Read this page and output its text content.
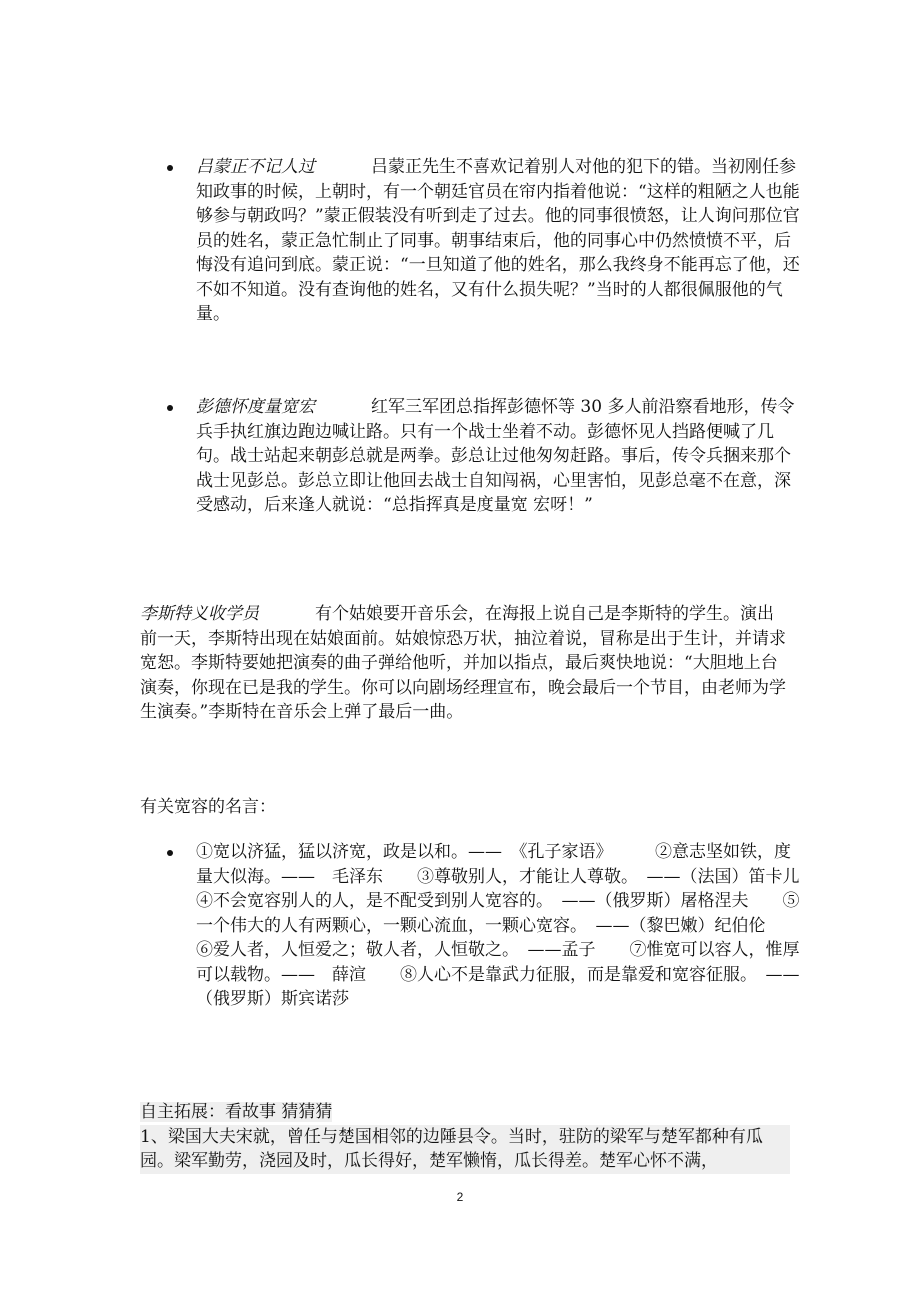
吕蒙正不记人过	吕蒙正先生不喜欢记着别人对他的犯下的错。当初刚任参知政事的时候，上朝时，有一个朝廷官员在帘内指着他说：“这样的粗陋之人也能够参与朝政吗？”蒙正假装没有听到走了过去。他的同事很愤怒，让人询问那位官员的姓名，蒙正急忙制止了同事。朝事结束后，他的同事心中仍然愤愤不平，后悔没有追问到底。蒙正说：“一旦知道了他的姓名，那么我终身不能再忘了他，还不如不知道。没有查询他的姓名，又有什么损失呢？”当时的人都很佩服他的气量。
彭德怀度量宽宏	红军三军团总指挥彭德怀等 30 多人前沿察看地形，传令兵手执红旗边跑边喊让路。只有一个战士坐着不动。彭德怀见人挡路便喊了几句。战士站起来朝彭总就是两拳。彭总让过他匆匆赶路。事后，传令兵捆来那个战士见彭总。彭总立即让他回去战士自知闯祸，心里害怕，见彭总毫不在意，深受感动，后来逢人就说：“总指挥真是度量宽 宏呀！”
李斯特义收学员	有个姑娘要开音乐会，在海报上说自己是李斯特的学生。演出前一天，李斯特出现在姑娘面前。姑娘惊恐万状，抽泣着说，冒称是出于生计，并请求宽恕。李斯特要她把演奏的曲子弹给他听，并加以指点，最后爽快地说：“大胆地上台演奏，你现在已是我的学生。你可以向剧场经理宣布，晚会最后一个节目，由老师为学生演奏。”李斯特在音乐会上弹了最后一曲。
有关宽容的名言：
①宽以济猛，猛以济宽，政是以和。——　《孔子家语》　　　②意志坚如铁，度量大似海。——　毛泽东　　③尊敬别人，才能让人尊敬。　——（法国）笛卡儿　　④不会宽容别人的人，是不配受到别人宽容的。　——（俄罗斯）屠格涅夫　　⑤一个伟大的人有两颗心，一颗心流血，一颗心宽容。　——（黎巴嫩）纪伯伦　　⑥爱人者，人恒爱之；敬人者，人恒敬之。　——孟子　　⑦惟宽可以容人，惟厚可以载物。——　薛渲　　⑧人心不是靠武力征服，而是靠爱和宽容征服。　——（俄罗斯）斯宾诺莎
自主拓展：看故事 猜猜猜
1、梁国大夫宋就，曾任与楚国相邻的边陲县令。当时，驻防的梁军与楚军都种有瓜园。梁军勤劳，浇园及时，瓜长得好，楚军懒惰，瓜长得差。楚军心怀不满，
2
